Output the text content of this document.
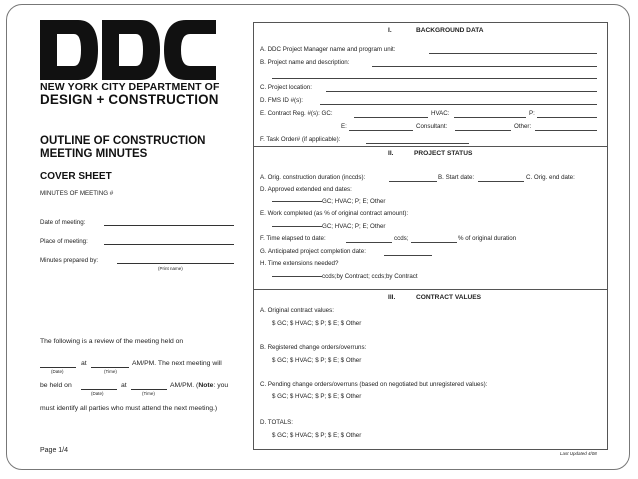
NEW YORK CITY DEPARTMENT OF
DESIGN + CONSTRUCTION
OUTLINE OF CONSTRUCTION
MEETING MINUTES
COVER SHEET
MINUTES OF MEETING #
Date of meeting:
Place of meeting:
Minutes prepared by:
(Print name)
The following is a review of the meeting held on
at	AM/PM. The next meeting will
(Date)	(Time)
be held on	at	AM/PM. (Note: you
(Date)	(Time)
must identify all parties who must attend the next meeting.)
Page 1/4	Last Updated 4/08
I.	BACKGROUND DATA
A. DDC Project Manager name and program unit:
B. Project name and description:
C. Project location:
D. FMS ID #(s):
E. Contract Reg. #(s): GC:	HVAC:	P:
E:	Consultant:	Other:
F. Task Order# (if applicable):
II.	PROJECT STATUS
A. Orig. construction duration (inccds):	B. Start date:	C. Orig. end date:
D. Approved extended end dates:
GC; HVAC; P; E; Other
E. Work completed (as % of original contract amount):
GC; HVAC; P; E; Other
F. Time elapsed to date:	ccds;	% of original duration
G. Anticipated project completion date:
H. Time extensions needed?
ccds;by Contract; ccds;by Contract
III.	CONTRACT VALUES
A. Original contract values:
$ GC; $ HVAC; $ P; $ E; $ Other
B. Registered change orders/overruns:
$ GC; $ HVAC; $ P; $ E; $ Other
C. Pending change orders/overruns (based on negotiated but unregistered values):
$ GC; $ HVAC; $ P; $ E; $ Other
D. TOTALS:
$ GC; $ HVAC; $ P; $ E; $ Other
